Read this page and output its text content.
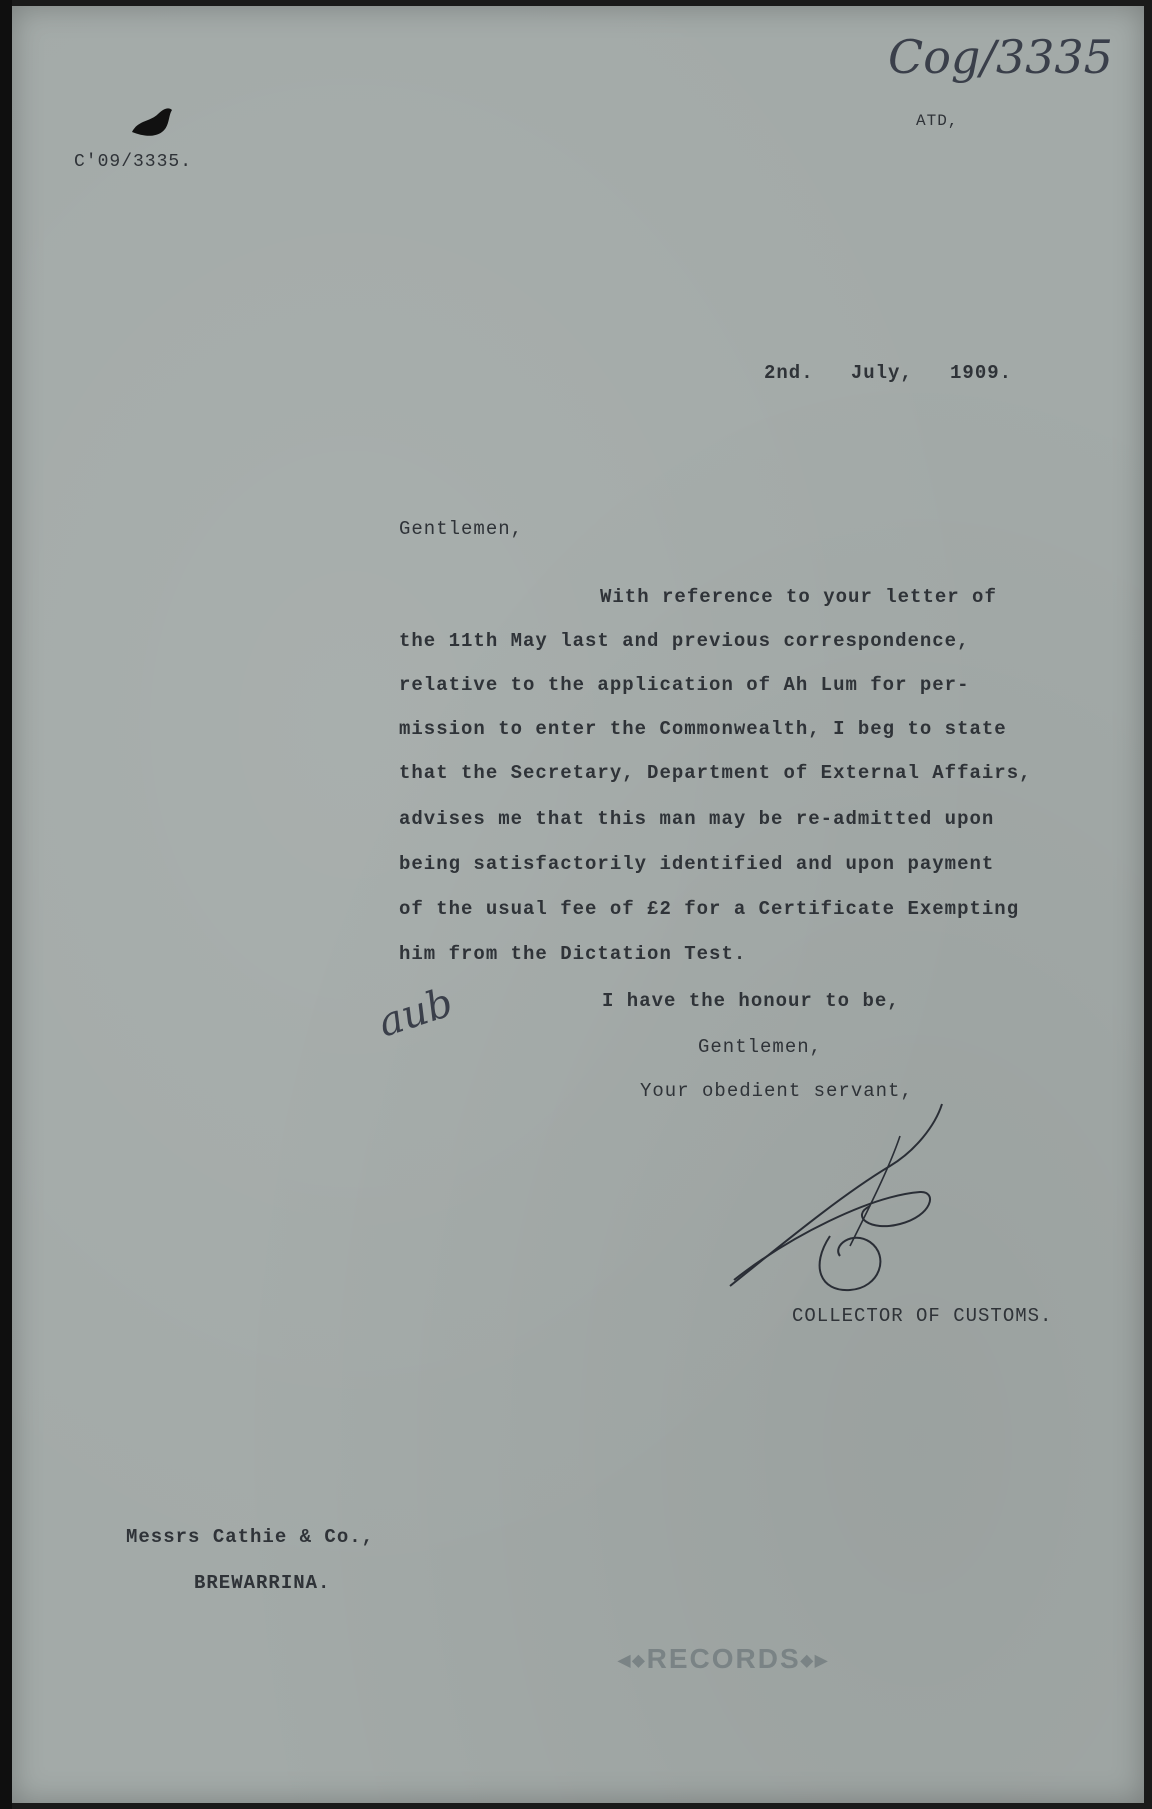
C'09/3335.
Cog/3335
ATD,
2nd.   July,   1909.
Gentlemen,
With reference to your letter of
the 11th May last and previous correspondence,
relative to the application of Ah Lum for per-
mission to enter the Commonwealth, I beg to state
that the Secretary, Department of External Affairs,
advises me that this man may be re-admitted upon
being satisfactorily identified and upon payment
of the usual fee of £2 for a Certificate Exempting
him from the Dictation Test.
aub	I have the honour to be,
Gentlemen,
Your obedient servant,
COLLECTOR OF CUSTOMS.
Messrs Cathie & Co.,
BREWARRINA.
◀◆RECORDS◆▶
